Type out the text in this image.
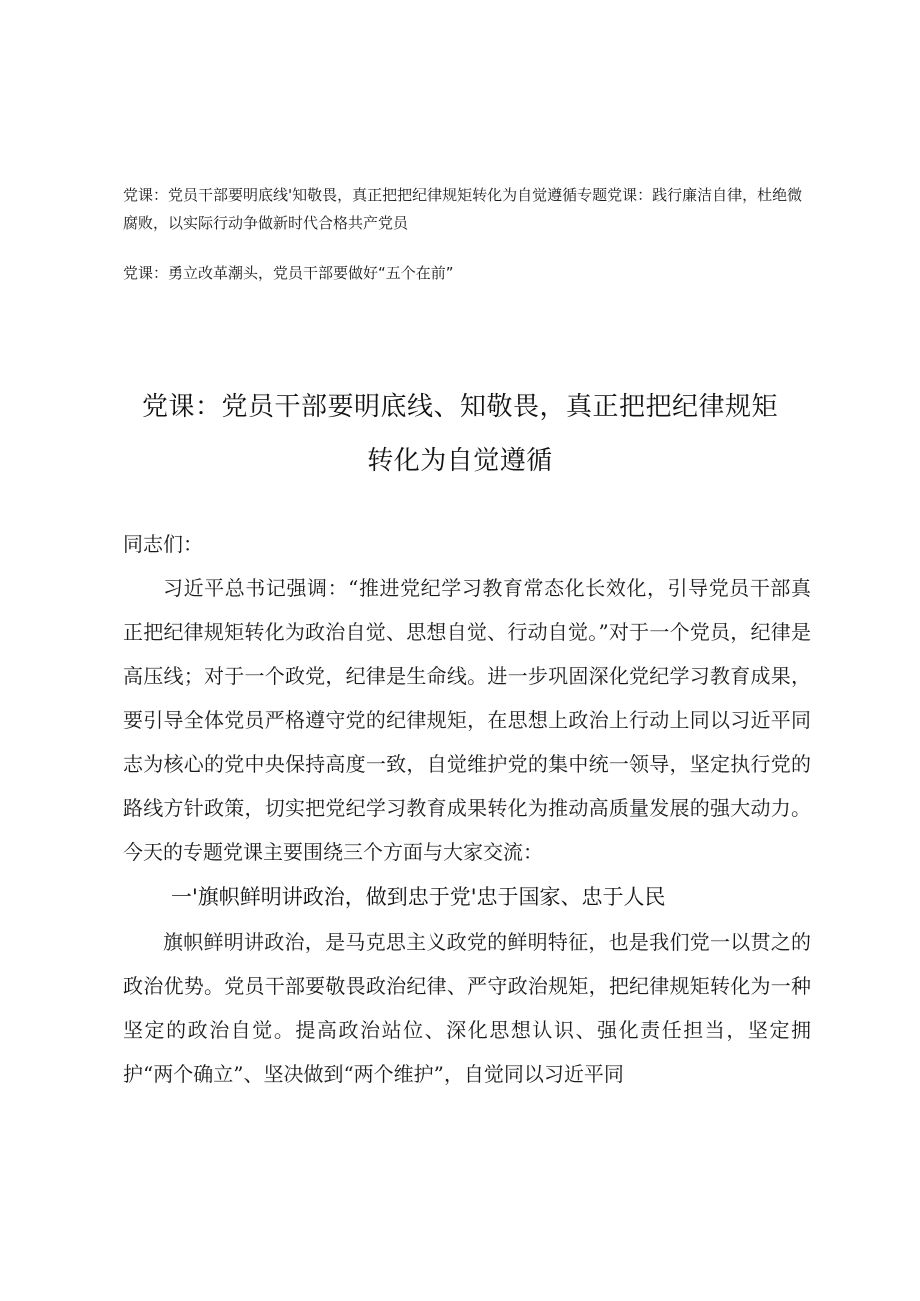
党课：党员干部要明底线'知敬畏，真正把把纪律规矩转化为自觉遵循专题党课：践行廉洁自律，杜绝微腐败，以实际行动争做新时代合格共产党员

党课：勇立改革潮头，党员干部要做好“五个在前”

党课：党员干部要明底线、知敬畏，真正把把纪律规矩
转化为自觉遵循

同志们：

习近平总书记强调：“推进党纪学习教育常态化长效化，引导党员干部真正把纪律规矩转化为政治自觉、思想自觉、行动自觉。”对于一个党员，纪律是高压线；对于一个政党，纪律是生命线。进一步巩固深化党纪学习教育成果，要引导全体党员严格遵守党的纪律规矩，在思想上政治上行动上同以习近平同志为核心的党中央保持高度一致，自觉维护党的集中统一领导，坚定执行党的路线方针政策，切实把党纪学习教育成果转化为推动高质量发展的强大动力。今天的专题党课主要围绕三个方面与大家交流：

一'旗帜鲜明讲政治，做到忠于党'忠于国家、忠于人民

旗帜鲜明讲政治，是马克思主义政党的鲜明特征，也是我们党一以贯之的政治优势。党员干部要敬畏政治纪律、严守政治规矩，把纪律规矩转化为一种坚定的政治自觉。提高政治站位、深化思想认识、强化责任担当，坚定拥护“两个确立”、坚决做到“两个维护”，自觉同以习近平同
